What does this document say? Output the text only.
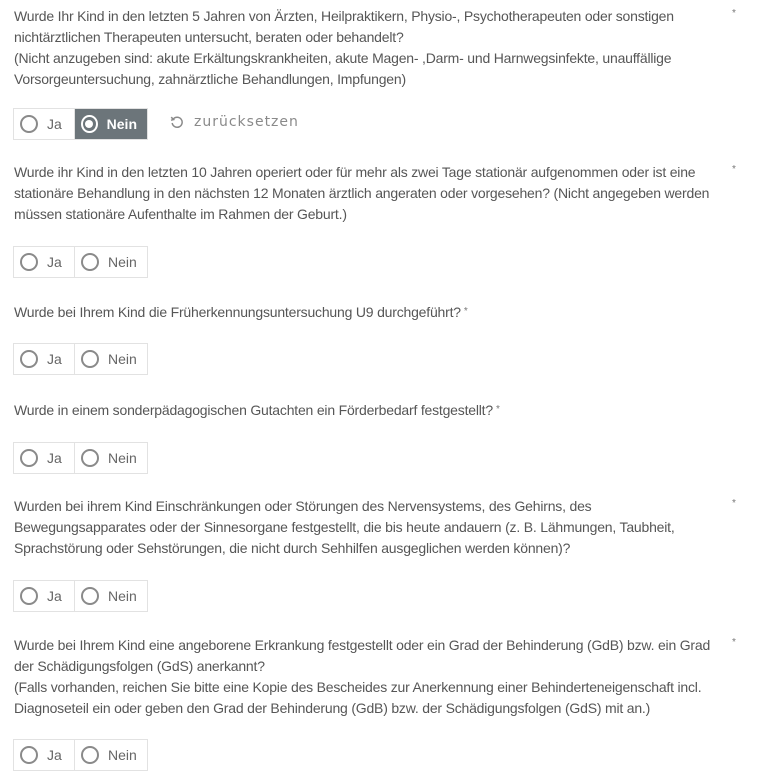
Wurde Ihr Kind in den letzten 5 Jahren von Ärzten, Heilpraktikern, Physio-, Psychotherapeuten oder sonstigen nichtärztlichen Therapeuten untersucht, beraten oder behandelt?

(Nicht anzugeben sind: akute Erkältungskrankheiten, akute Magen- ,Darm- und Harnwegsinfekte, unauffällige Vorsorgeuntersuchung, zahnärztliche Behandlungen, Impfungen)

*
Ja	Nein	zurücksetzen

Wurde ihr Kind in den letzten 10 Jahren operiert oder für mehr als zwei Tage stationär aufgenommen oder ist eine stationäre Behandlung in den nächsten 12 Monaten ärztlich angeraten oder vorgesehen? (Nicht angegeben werden müssen stationäre Aufenthalte im Rahmen der Geburt.)

*
Ja	Nein

Wurde bei Ihrem Kind die Früherkennungsuntersuchung U9 durchgeführt? *

Ja	Nein

Wurde in einem sonderpädagogischen Gutachten ein Förderbedarf festgestellt? *

Ja	Nein

Wurden bei ihrem Kind Einschränkungen oder Störungen des Nervensystems, des Gehirns, des Bewegungsapparates oder der Sinnesorgane festgestellt, die bis heute andauern (z. B. Lähmungen, Taubheit, Sprachstörung oder Sehstörungen, die nicht durch Sehhilfen ausgeglichen werden können)?

*
Ja	Nein

Wurde bei Ihrem Kind eine angeborene Erkrankung festgestellt oder ein Grad der Behinderung (GdB) bzw. ein Grad der Schädigungsfolgen (GdS) anerkannt?

(Falls vorhanden, reichen Sie bitte eine Kopie des Bescheides zur Anerkennung einer Behinderteneigenschaft incl. Diagnoseteil ein oder geben den Grad der Behinderung (GdB) bzw. der Schädigungsfolgen (GdS) mit an.)

*
Ja	Nein
